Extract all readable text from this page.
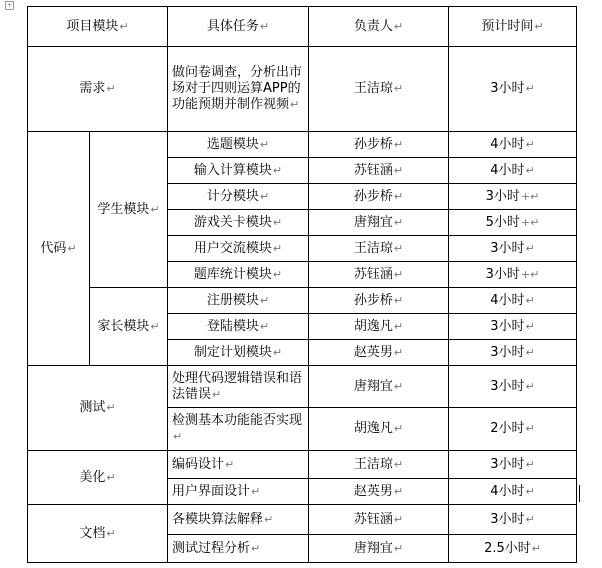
+
项目模块↵		具体任务↵	负责人↵	预计时间↵
需求↵		做问卷调查，分析出市场对于四则运算APP的功能预期并制作视频↵	王洁琼↵	3小时↵
代码↵	学生模块↵	选题模块↵	孙步桥↵	4小时↵
		输入计算模块↵	苏钰涵↵	4小时↵
		计分模块↵	孙步桥↵	3小时+↵
		游戏关卡模块↵	唐翔宜↵	5小时+↵
		用户交流模块↵	王洁琼↵	3小时↵
		题库统计模块↵	苏钰涵↵	3小时+↵
	家长模块↵	注册模块↵	孙步桥↵	4小时↵
		登陆模块↵	胡逸凡↵	3小时↵
		制定计划模块↵	赵英男↵	3小时↵
测试↵		处理代码逻辑错误和语法错误↵	唐翔宜↵	3小时↵
		检测基本功能能否实现↵	胡逸凡↵	2小时↵
美化↵		编码设计↵	王洁琼↵	3小时↵
		用户界面设计↵	赵英男↵	4小时↵
文档↵		各模块算法解释↵	苏钰涵↵	3小时↵
		测试过程分析↵	唐翔宜↵	2.5小时↵
